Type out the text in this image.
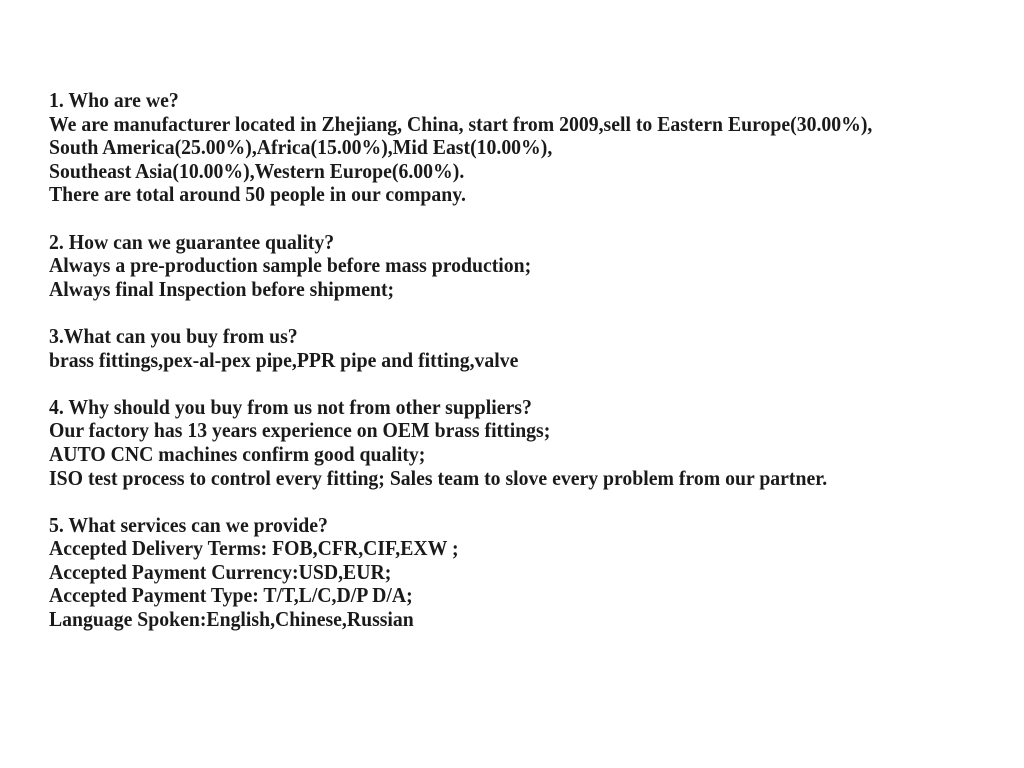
1. Who are we?
We are manufacturer located in Zhejiang, China, start from 2009,sell to Eastern Europe(30.00%),
South America(25.00%),Africa(15.00%),Mid East(10.00%),
Southeast Asia(10.00%),Western Europe(6.00%).
There are total around 50 people in our company.
2. How can we guarantee quality?
Always a pre-production sample before mass production;
Always final Inspection before shipment;
3.What can you buy from us?
brass fittings,pex-al-pex pipe,PPR pipe and fitting,valve
4. Why should you buy from us not from other suppliers?
Our factory has 13 years experience on OEM brass fittings;
AUTO CNC machines confirm good quality;
ISO test process to control every fitting; Sales team to slove every problem from our partner.
5. What services can we provide?
Accepted Delivery Terms: FOB,CFR,CIF,EXW ;
Accepted Payment Currency:USD,EUR;
Accepted Payment Type: T/T,L/C,D/P D/A;
Language Spoken:English,Chinese,Russian
